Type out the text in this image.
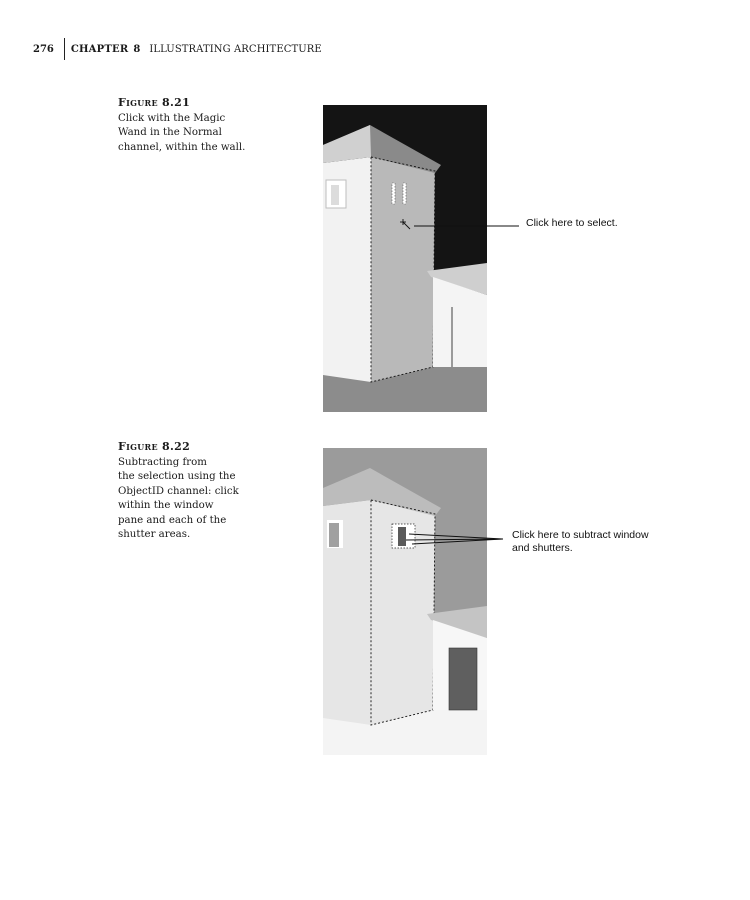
276	CHAPTER 8 ILLUSTRATING ARCHITECTURE
Figure 8.21
Click with the Magic
Wand in the Normal
channel, within the wall.
Figure 8.22
Subtracting from
the selection using the
ObjectID channel: click
within the window
pane and each of the
shutter areas.
Click here to select.
Click here to subtract window and shutters.
